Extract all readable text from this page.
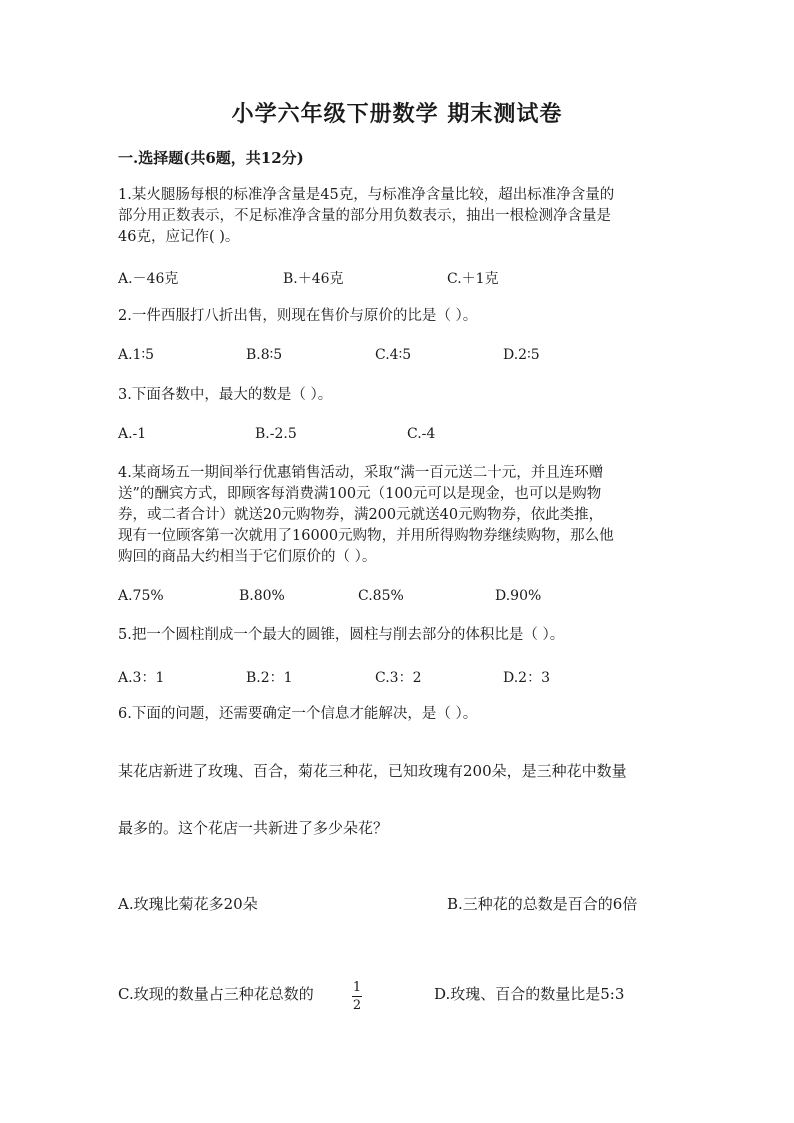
小学六年级下册数学 期末测试卷
一.选择题(共6题，共12分)
1.某火腿肠每根的标准净含量是45克，与标准净含量比较，超出标准净含量的
部分用正数表示，不足标准净含量的部分用负数表示，抽出一根检测净含量是
46克，应记作( )。
A.－46克	B.＋46克	C.＋1克
2.一件西服打八折出售，则现在售价与原价的比是（ ）。
A.1∶5	B.8∶5	C.4∶5	D.2∶5
3.下面各数中，最大的数是（ ）。
A.-1	B.-2.5	C.-4
4.某商场五一期间举行优惠销售活动，采取“满一百元送二十元，并且连环赠
送”的酬宾方式，即顾客每消费满100元（100元可以是现金，也可以是购物
券，或二者合计）就送20元购物券，满200元就送40元购物券，依此类推，
现有一位顾客第一次就用了16000元购物，并用所得购物券继续购物，那么他
购回的商品大约相当于它们原价的（ ）。
A.75%	B.80%	C.85%	D.90%
5.把一个圆柱削成一个最大的圆锥，圆柱与削去部分的体积比是（ ）。
A.3：1	B.2：1	C.3：2	D.2：3
6.下面的问题，还需要确定一个信息才能解决，是（ ）。
某花店新进了玫瑰、百合，菊花三种花，已知玫瑰有200朵，是三种花中数量
最多的。这个花店一共新进了多少朵花？
A.玫瑰比菊花多20朵	B.三种花的总数是百合的6倍
C.玫现的数量占三种花总数的	$\frac{1}{2}$	D.玫瑰、百合的数量比是5:3
